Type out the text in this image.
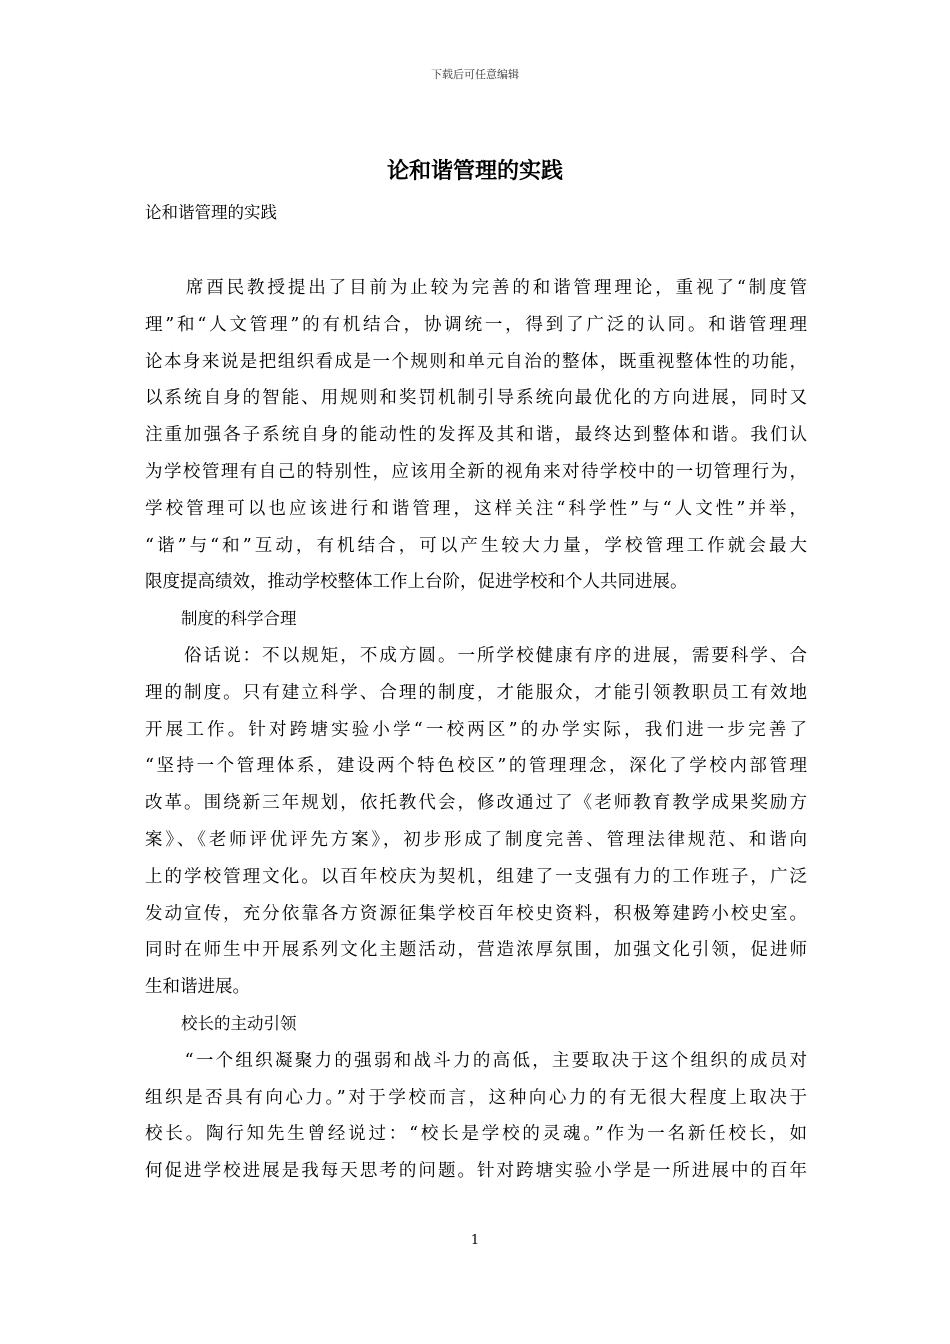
下载后可任意编辑
论和谐管理的实践
论和谐管理的实践
　　席酉民教授提出了目前为止较为完善的和谐管理理论，重视了“制度管
理”和“人文管理”的有机结合，协调统一，得到了广泛的认同。和谐管理理
论本身来说是把组织看成是一个规则和单元自治的整体，既重视整体性的功能，
以系统自身的智能、用规则和奖罚机制引导系统向最优化的方向进展，同时又
注重加强各子系统自身的能动性的发挥及其和谐，最终达到整体和谐。我们认
为学校管理有自己的特别性，应该用全新的视角来对待学校中的一切管理行为，
学校管理可以也应该进行和谐管理，这样关注“科学性”与“人文性”并举，
“谐”与“和”互动，有机结合，可以产生较大力量，学校管理工作就会最大
限度提高绩效，推动学校整体工作上台阶，促进学校和个人共同进展。
制度的科学合理
　　俗话说：不以规矩，不成方圆。一所学校健康有序的进展，需要科学、合
理的制度。只有建立科学、合理的制度，才能服众，才能引领教职员工有效地
开展工作。针对跨塘实验小学“一校两区”的办学实际，我们进一步完善了
“坚持一个管理体系，建设两个特色校区”的管理理念，深化了学校内部管理
改革。围绕新三年规划，依托教代会，修改通过了《老师教育教学成果奖励方
案》、《老师评优评先方案》，初步形成了制度完善、管理法律规范、和谐向
上的学校管理文化。以百年校庆为契机，组建了一支强有力的工作班子，广泛
发动宣传，充分依靠各方资源征集学校百年校史资料，积极筹建跨小校史室。
同时在师生中开展系列文化主题活动，营造浓厚氛围，加强文化引领，促进师
生和谐进展。
校长的主动引领
　　“一个组织凝聚力的强弱和战斗力的高低，主要取决于这个组织的成员对
组织是否具有向心力。”对于学校而言，这种向心力的有无很大程度上取决于
校长。陶行知先生曾经说过：“校长是学校的灵魂。”作为一名新任校长，如
何促进学校进展是我每天思考的问题。针对跨塘实验小学是一所进展中的百年
1
